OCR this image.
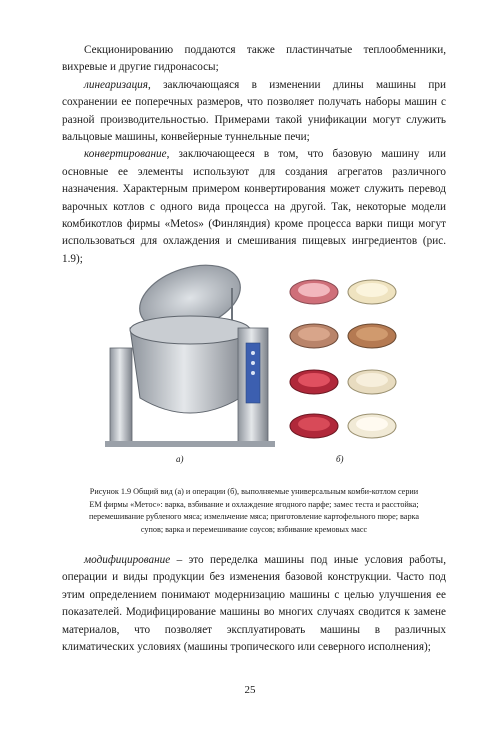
Секционированию поддаются также пластинчатые теплообменники, вихревые и другие гидронасосы;

линеаризация, заключающаяся в изменении длины машины при сохранении ее поперечных размеров, что позволяет получать наборы машин с разной производительностью. Примерами такой унификации могут служить вальцовые машины, конвейерные туннельные печи;

конвертирование, заключающееся в том, что базовую машину или основные ее элементы используют для создания агрегатов различного назначения. Характерным примером конвертирования может служить перевод варочных котлов с одного вида процесса на другой. Так, некоторые модели комбикотлов фирмы «Metos» (Финляндия) кроме процесса варки пищи могут использоваться для охлаждения и смешивания пищевых ингредиентов (рис. 1.9);

а)	б)
Рисунок 1.9 Общий вид (а) и операции (б), выполняемые универсальным комби-котлом серии ЕМ фирмы «Метос»: варка, взбивание и охлаждение ягодного парфе; замес теста и расстойка; перемешивание рубленого мяса; измельчение мяса; приготовление картофельного пюре; варка супов; варка и перемешивание соусов; взбивание кремовых масс

модифицирование – это переделка машины под иные условия работы, операции и виды продукции без изменения базовой конструкции. Часто под этим определением понимают модернизацию машины с целью улучшения ее показателей. Модифицирование машины во многих случаях сводится к замене материалов, что позволяет эксплуатировать машины в различных климатических условиях (машины тропического или северного исполнения);

25
